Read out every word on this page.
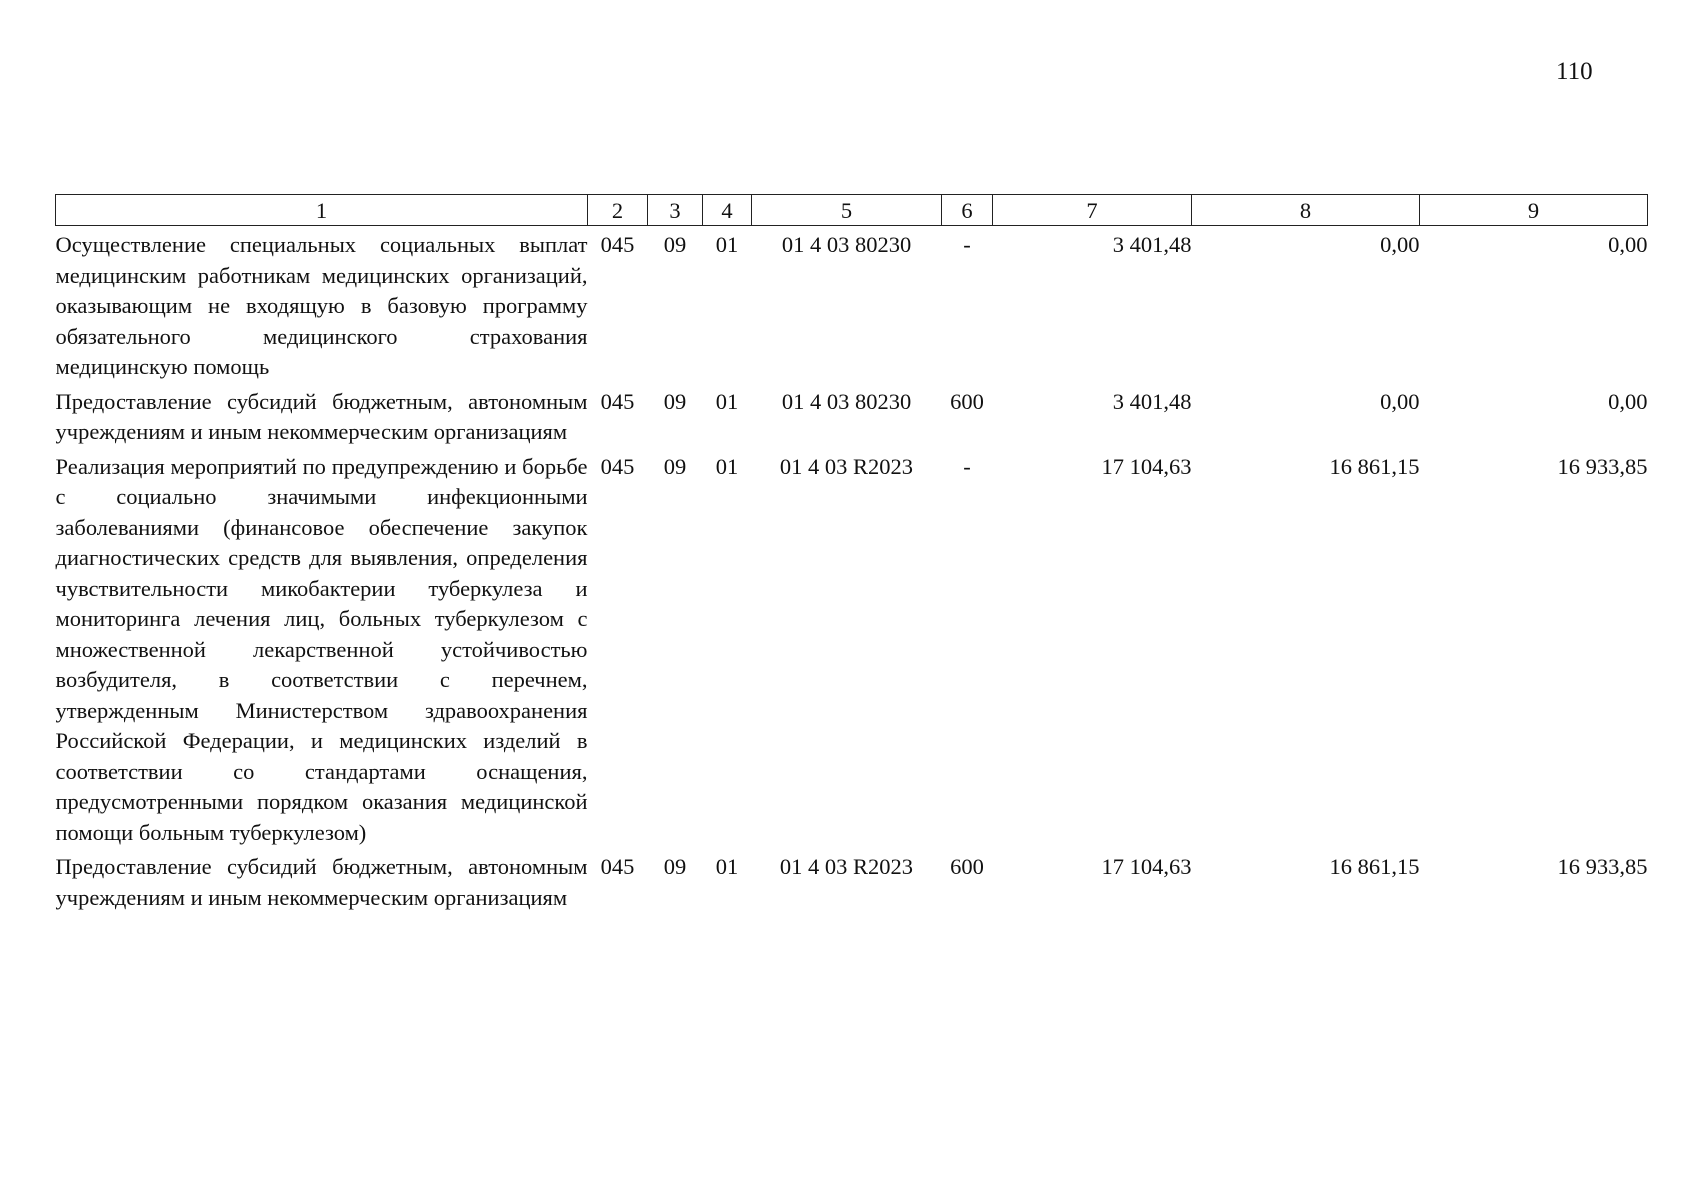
110
1	2	3	4	5	6	7	8	9
Осуществление специальных социальных выплат медицинским работникам медицинских организаций, оказывающим не входящую в базовую программу обязательного медицинского страхования медицинскую помощь	045	09	01	01 4 03 80230	-	3 401,48	0,00	0,00
Предоставление субсидий бюджетным, автономным учреждениям и иным некоммерческим организациям	045	09	01	01 4 03 80230	600	3 401,48	0,00	0,00
Реализация мероприятий по предупреждению и борьбе с социально значимыми инфекционными заболеваниями (финансовое обеспечение закупок диагностических средств для выявления, определения чувствительности микобактерии туберкулеза и мониторинга лечения лиц, больных туберкулезом с множественной лекарственной устойчивостью возбудителя, в соответствии с перечнем, утвержденным Министерством здравоохранения Российской Федерации, и медицинских изделий в соответствии со стандартами оснащения, предусмотренными порядком оказания медицинской помощи больным туберкулезом)	045	09	01	01 4 03 R2023	-	17 104,63	16 861,15	16 933,85
Предоставление субсидий бюджетным, автономным учреждениям и иным некоммерческим организациям	045	09	01	01 4 03 R2023	600	17 104,63	16 861,15	16 933,85
